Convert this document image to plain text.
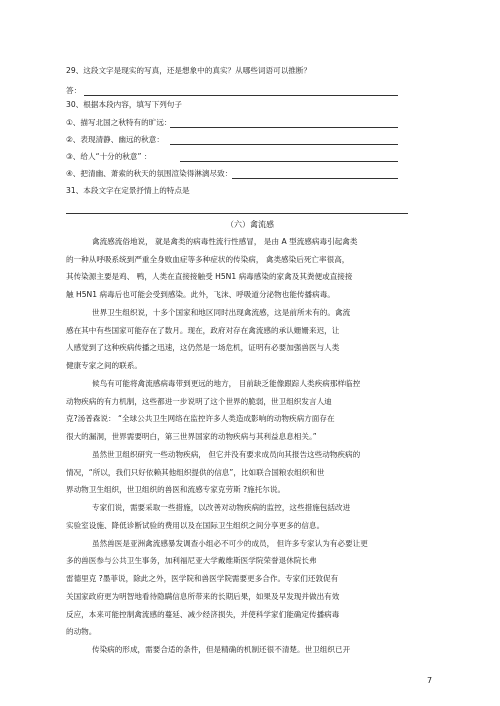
29、这段文字是现实的写真，还是想象中的真实？从哪些词语可以推断？
答：
30、根据本段内容，填写下列句子
①、描写北国之秋特有的旷远：
②、表现清静、幽远的秋意：
③、给人“十分的秋意” ：
④、把清幽、萧索的秋天的氛围渲染得淋漓尽致：
31、本段文字在定景抒情上的特点是
（六）禽流感
禽流感流俗地说， 就是禽类的病毒性流行性感冒， 是由 A 型流感病毒引起禽类
的一种从呼吸系统到严重全身败血症等多种症状的传染病， 禽类感染后死亡率很高，
其传染源主要是鸡、 鸭，人类在直接接触受 H5N1 病毒感染的家禽及其粪便或直接接
触 H5N1 病毒后也可能会受到感染。此外，飞沫、呼吸道分泌物也能传播病毒。
世界卫生组织说，十多个国家和地区同时出现禽流感，这是前所未有的。禽流
感在其中有些国家可能存在了数月。现在，政府对存在禽流感的承认姗姗来迟，让
人感觉到了这种疾病传播之迅速，这仍然是一场危机，证明有必要加强兽医与人类
健康专家之间的联系。
候鸟有可能将禽流感病毒带到更远的地方， 目前缺乏能像跟踪人类疾病那样临控
动物疾病的有力机制，这些都进一步说明了这个世界的脆弱，世卫组织发言人迪
克?汤普森说： “全球公共卫生网络在监控许多人类造成影响的动物疾病方面存在
很大的漏洞，世界需要明白，第三世界国家的动物疾病与其利益息息相关。”
虽然世卫组织研究一些动物疾病， 但它并没有要求成员向其报告这些动物疾病的
情况，“所以，我们只好依赖其他组织提供的信息”，比如联合国粮农组织和世
界动物卫生组织，世卫组织的兽医和流感专家克劳斯 ?施托尔说。
专家们说，需要采取一些措施，以改善对动物疾病的监控，这些措施包括改进
实验室设施、降低诊断试验的费用以及在国际卫生组织之间分享更多的信息。
虽然兽医是亚洲禽流感暴发调查小组必不可少的成员， 但许多专家认为有必要让更
多的兽医参与公共卫生事务，加利福尼亚大学戴维斯医学院荣誉退休院长弗
雷德里克 ?墨菲说，除此之外，医学院和兽医学院需要更多合作。专家们还敦促有
关国家政府更为明智地看待隐瞒信息所带来的长期后果，如果及早发现并做出有效
反应，本来可能控制禽流感的蔓延、减少经济损失，并使科学家们能确定传播病毒
的动物。
传染病的形成，需要合适的条件，但是精确的机制还很不清楚。世卫组织已开
7
